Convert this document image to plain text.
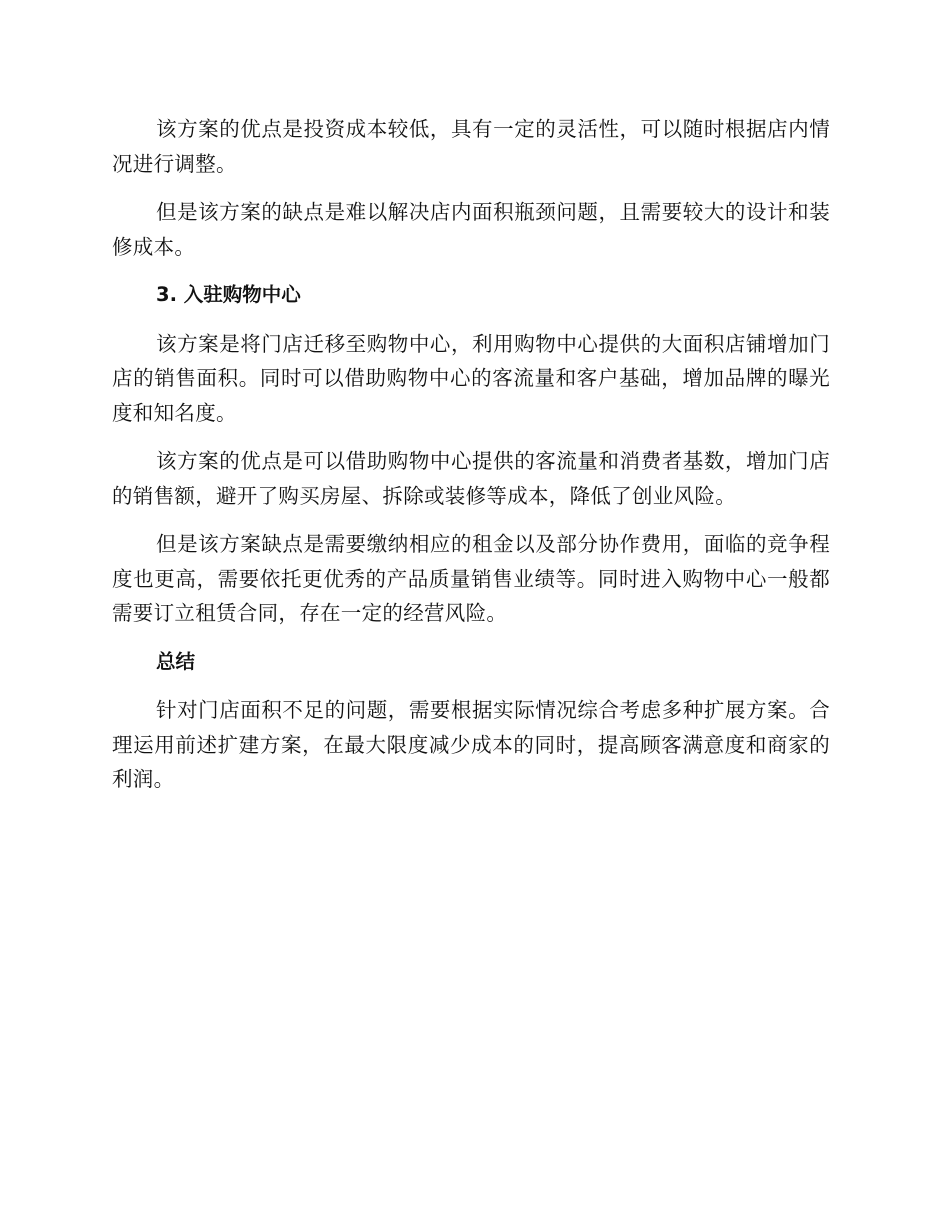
该方案的优点是投资成本较低，具有一定的灵活性，可以随时根据店内情况进行调整。

但是该方案的缺点是难以解决店内面积瓶颈问题，且需要较大的设计和装修成本。

3. 入驻购物中心

该方案是将门店迁移至购物中心，利用购物中心提供的大面积店铺增加门店的销售面积。同时可以借助购物中心的客流量和客户基础，增加品牌的曝光度和知名度。

该方案的优点是可以借助购物中心提供的客流量和消费者基数，增加门店的销售额，避开了购买房屋、拆除或装修等成本，降低了创业风险。

但是该方案缺点是需要缴纳相应的租金以及部分协作费用，面临的竞争程度也更高，需要依托更优秀的产品质量销售业绩等。同时进入购物中心一般都需要订立租赁合同，存在一定的经营风险。

总结

针对门店面积不足的问题，需要根据实际情况综合考虑多种扩展方案。合理运用前述扩建方案，在最大限度减少成本的同时，提高顾客满意度和商家的利润。
